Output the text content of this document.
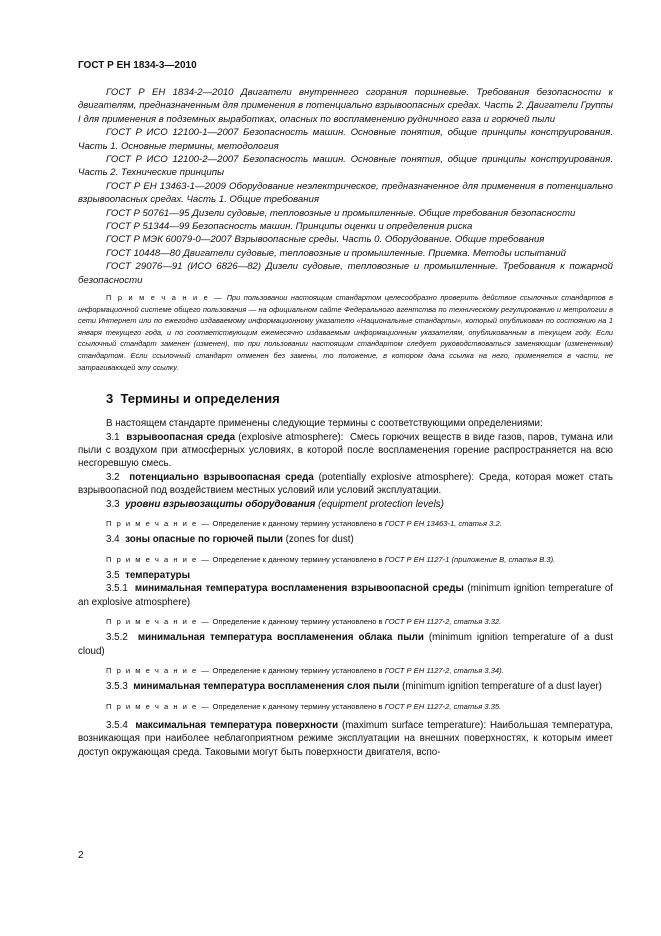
ГОСТ Р ЕН 1834-3—2010

ГОСТ Р ЕН 1834-2—2010 Двигатели внутреннего сгорания поршневые. Требования безопасности к двигателям, предназначенным для применения в потенциально взрывоопасных средах. Часть 2. Двигатели Группы I для применения в подземных выработках, опасных по воспламенению рудничного газа и горючей пыли

ГОСТ Р ИСО 12100-1—2007 Безопасность машин. Основные понятия, общие принципы конструирования. Часть 1. Основные термины, методология

ГОСТ Р ИСО 12100-2—2007 Безопасность машин. Основные понятия, общие принципы конструирования. Часть 2. Технические принципы

ГОСТ Р ЕН 13463-1—2009 Оборудование неэлектрическое, предназначенное для применения в потенциально взрывоопасных средах. Часть 1. Общие требования

ГОСТ Р 50761—95 Дизели судовые, тепловозные и промышленные. Общие требования безопасности

ГОСТ Р 51344—99 Безопасность машин. Принципы оценки и определения риска

ГОСТ Р МЭК 60079-0—2007 Взрывоопасные среды. Часть 0. Оборудование. Общие требования

ГОСТ 10448—80 Двигатели судовые, тепловозные и промышленные. Приемка. Методы испытаний

ГОСТ 29076—91 (ИСО 6826—82) Дизели судовые, тепловозные и промышленные. Требования к пожарной безопасности

П р и м е ч а н и е — При пользовании настоящим стандартом целесообразно проверить действие ссылочных стандартов в информационной системе общего пользования — на официальном сайте Федерального агентства по техническому регулированию и метрологии в сети Интернет или по ежегодно издаваемому информационному указателю «Национальные стандарты», который опубликован по состоянию на 1 января текущего года, и по соответствующим ежемесячно издаваемым информационным указателям, опубликованным в текущем году. Если ссылочный стандарт заменен (изменен), то при пользовании настоящим стандартом следует руководствоваться заменяющим (измененным) стандартом. Если ссылочный стандарт отменен без замены, то положение, в котором дана ссылка на него, применяется в части, не затрагивающей эту ссылку.

3 Термины и определения

В настоящем стандарте применены следующие термины с соответствующими определениями:

3.1 взрывоопасная среда (explosive atmosphere): Смесь горючих веществ в виде газов, паров, тумана или пыли с воздухом при атмосферных условиях, в которой после воспламенения горение распространяется на всю несгоревшую смесь.

3.2 потенциально взрывоопасная среда (potentially explosive atmosphere): Среда, которая может стать взрывоопасной под воздействием местных условий или условий эксплуатации.

3.3 уровни взрывозащиты оборудования (equipment protection levels)

П р и м е ч а н и е — Определение к данному термину установлено в ГОСТ Р ЕН 13463-1, статья 3.2.

3.4 зоны опасные по горючей пыли (zones for dust)

П р и м е ч а н и е — Определение к данному термину установлено в ГОСТ Р ЕН 1127-1 (приложение В, статья В.3).

3.5 температуры

3.5.1 минимальная температура воспламенения взрывоопасной среды (minimum ignition temperature of an explosive atmosphere)

П р и м е ч а н и е — Определение к данному термину установлено в ГОСТ Р ЕН 1127-2, статья 3.32.

3.5.2 минимальная температура воспламенения облака пыли (minimum ignition temperature of a dust cloud)

П р и м е ч а н и е — Определение к данному термину установлено в ГОСТ Р ЕН 1127-2, статья 3.34).

3.5.3 минимальная температура воспламенения слоя пыли (minimum ignition temperature of a dust layer)

П р и м е ч а н и е — Определение к данному термину установлено в ГОСТ Р ЕН 1127-2, статья 3.35.

3.5.4 максимальная температура поверхности (maximum surface temperature): Наибольшая температура, возникающая при наиболее неблагоприятном режиме эксплуатации на внешних поверхностях, к которым имеет доступ окружающая среда. Таковыми могут быть поверхности двигателя, вспо-

2
